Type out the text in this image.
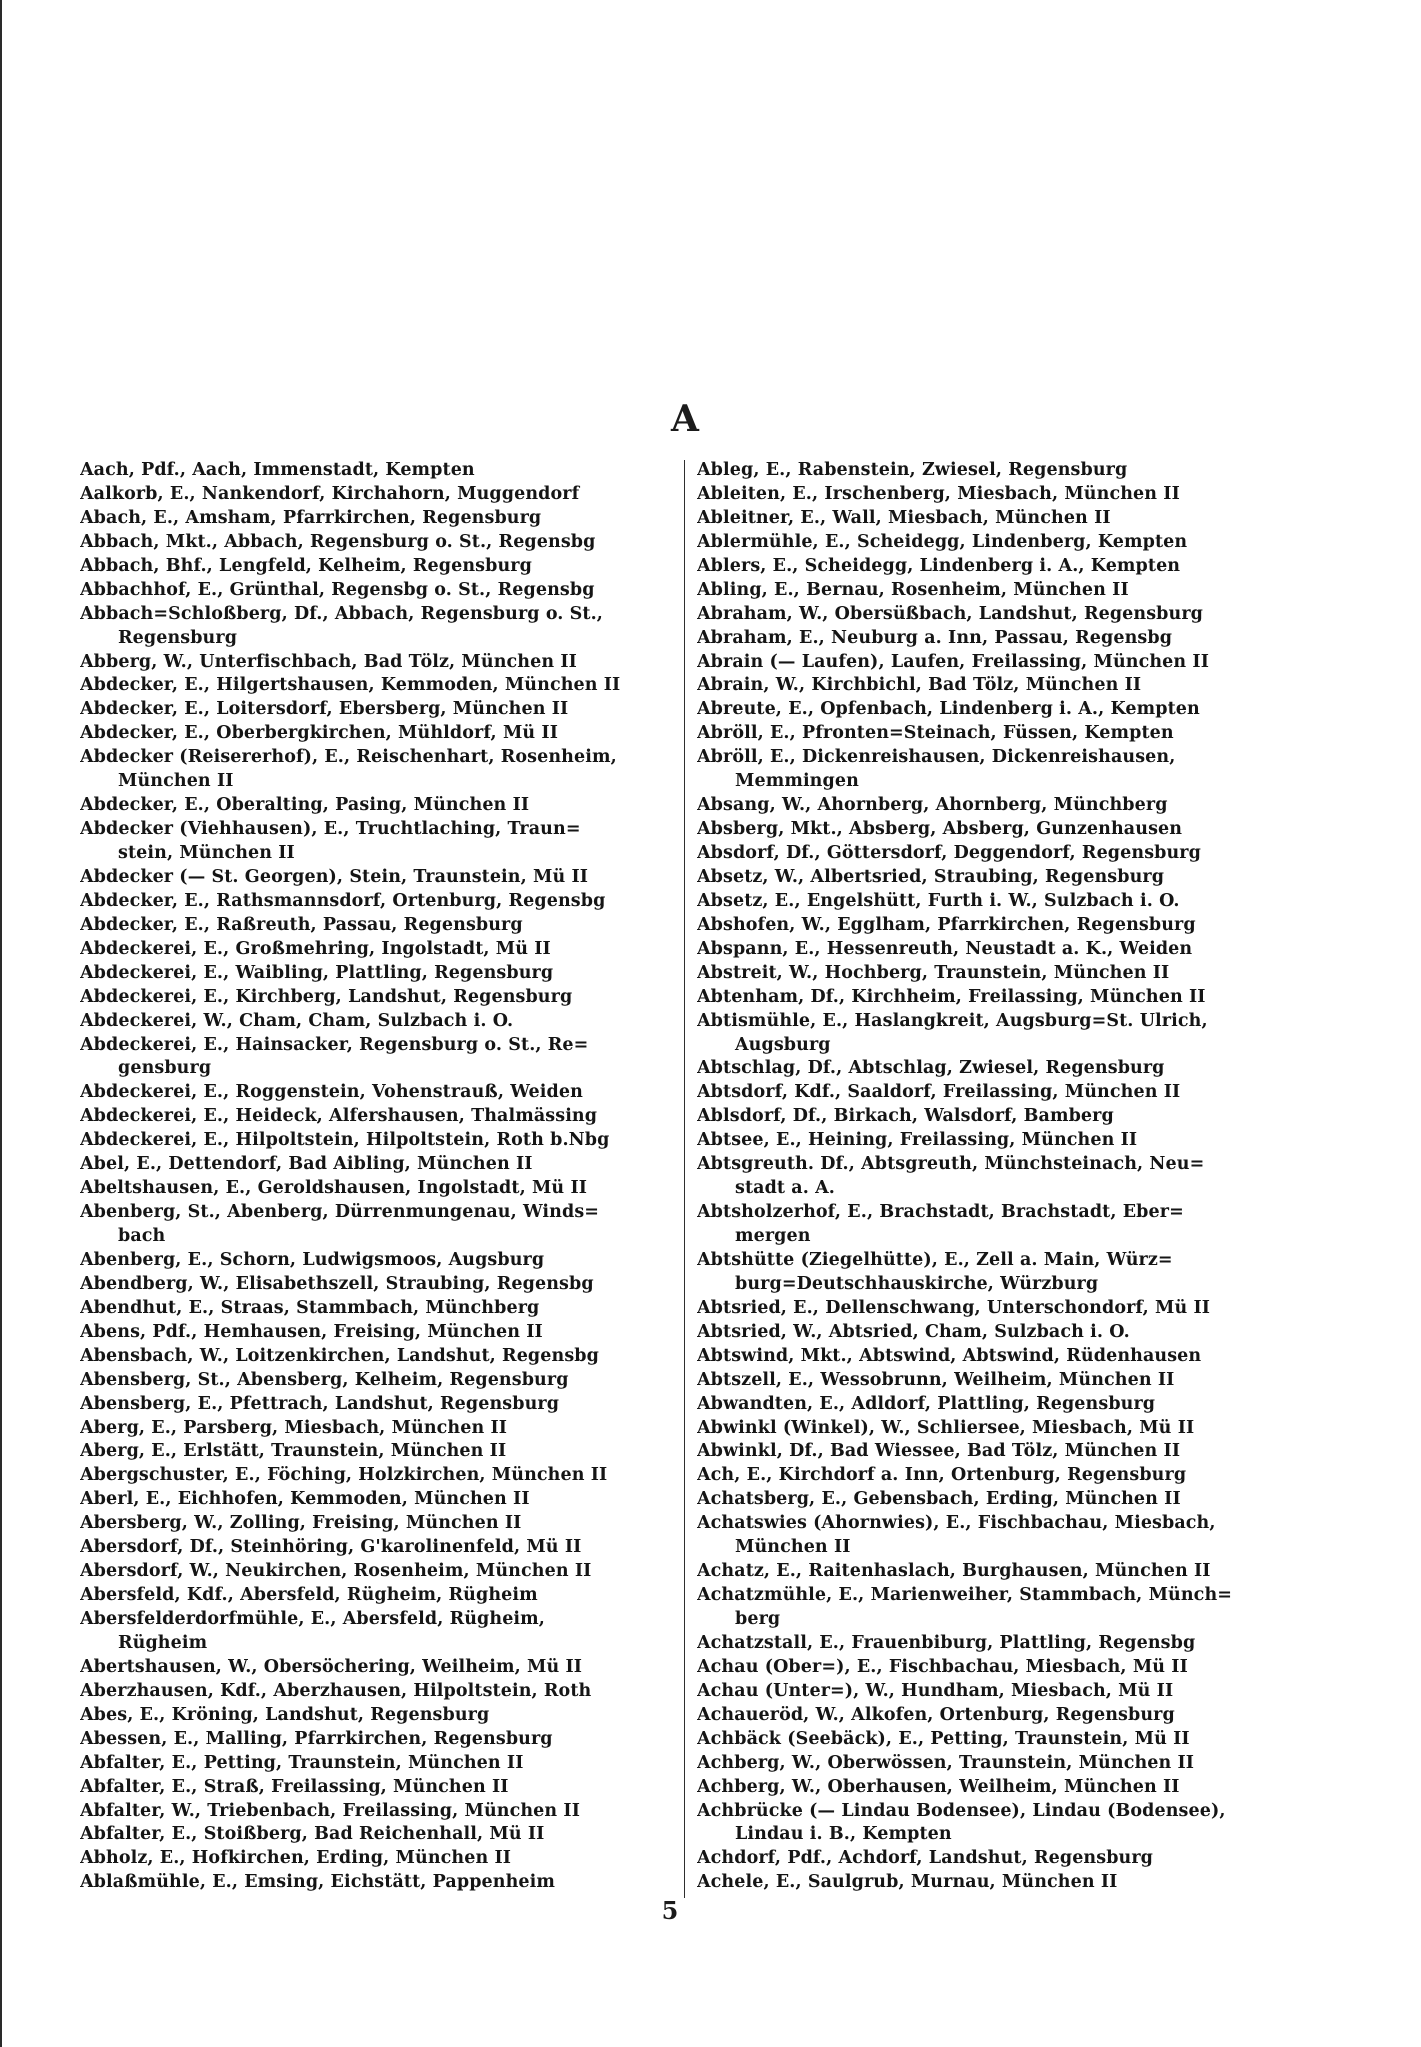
A
Aach, Pdf., Aach, Immenstadt, Kempten
Aalkorb, E., Nankendorf, Kirchahorn, Muggendorf
Abach, E., Amsham, Pfarrkirchen, Regensburg
Abbach, Mkt., Abbach, Regensburg o. St., Regensbg
Abbach, Bhf., Lengfeld, Kelheim, Regensburg
Abbachhof, E., Grünthal, Regensbg o. St., Regensbg
Abbach=Schloßberg, Df., Abbach, Regensburg o. St.,
Regensburg
Abberg, W., Unterfischbach, Bad Tölz, München II
Abdecker, E., Hilgertshausen, Kemmoden, München II
Abdecker, E., Loitersdorf, Ebersberg, München II
Abdecker, E., Oberbergkirchen, Mühldorf, Mü II
Abdecker (Reisererhof), E., Reischenhart, Rosenheim,
München II
Abdecker, E., Oberalting, Pasing, München II
Abdecker (Viehhausen), E., Truchtlaching, Traun=
stein, München II
Abdecker (— St. Georgen), Stein, Traunstein, Mü II
Abdecker, E., Rathsmannsdorf, Ortenburg, Regensbg
Abdecker, E., Raßreuth, Passau, Regensburg
Abdeckerei, E., Großmehring, Ingolstadt, Mü II
Abdeckerei, E., Waibling, Plattling, Regensburg
Abdeckerei, E., Kirchberg, Landshut, Regensburg
Abdeckerei, W., Cham, Cham, Sulzbach i. O.
Abdeckerei, E., Hainsacker, Regensburg o. St., Re=
gensburg
Abdeckerei, E., Roggenstein, Vohenstrauß, Weiden
Abdeckerei, E., Heideck, Alfershausen, Thalmässing
Abdeckerei, E., Hilpoltstein, Hilpoltstein, Roth b.Nbg
Abel, E., Dettendorf, Bad Aibling, München II
Abeltshausen, E., Geroldshausen, Ingolstadt, Mü II
Abenberg, St., Abenberg, Dürrenmungenau, Winds=
bach
Abenberg, E., Schorn, Ludwigsmoos, Augsburg
Abendberg, W., Elisabethszell, Straubing, Regensbg
Abendhut, E., Straas, Stammbach, Münchberg
Abens, Pdf., Hemhausen, Freising, München II
Abensbach, W., Loitzenkirchen, Landshut, Regensbg
Abensberg, St., Abensberg, Kelheim, Regensburg
Abensberg, E., Pfettrach, Landshut, Regensburg
Aberg, E., Parsberg, Miesbach, München II
Aberg, E., Erlstätt, Traunstein, München II
Abergschuster, E., Föching, Holzkirchen, München II
Aberl, E., Eichhofen, Kemmoden, München II
Abersberg, W., Zolling, Freising, München II
Abersdorf, Df., Steinhöring, G'karolinenfeld, Mü II
Abersdorf, W., Neukirchen, Rosenheim, München II
Abersfeld, Kdf., Abersfeld, Rügheim, Rügheim
Abersfelderdorfmühle, E., Abersfeld, Rügheim,
Rügheim
Abertshausen, W., Obersöchering, Weilheim, Mü II
Aberzhausen, Kdf., Aberzhausen, Hilpoltstein, Roth
Abes, E., Kröning, Landshut, Regensburg
Abessen, E., Malling, Pfarrkirchen, Regensburg
Abfalter, E., Petting, Traunstein, München II
Abfalter, E., Straß, Freilassing, München II
Abfalter, W., Triebenbach, Freilassing, München II
Abfalter, E., Stoißberg, Bad Reichenhall, Mü II
Abholz, E., Hofkirchen, Erding, München II
Ablaßmühle, E., Emsing, Eichstätt, Pappenheim
Ableg, E., Rabenstein, Zwiesel, Regensburg
Ableiten, E., Irschenberg, Miesbach, München II
Ableitner, E., Wall, Miesbach, München II
Ablermühle, E., Scheidegg, Lindenberg, Kempten
Ablers, E., Scheidegg, Lindenberg i. A., Kempten
Abling, E., Bernau, Rosenheim, München II
Abraham, W., Obersüßbach, Landshut, Regensburg
Abraham, E., Neuburg a. Inn, Passau, Regensbg
Abrain (— Laufen), Laufen, Freilassing, München II
Abrain, W., Kirchbichl, Bad Tölz, München II
Abreute, E., Opfenbach, Lindenberg i. A., Kempten
Abröll, E., Pfronten=Steinach, Füssen, Kempten
Abröll, E., Dickenreishausen, Dickenreishausen,
Memmingen
Absang, W., Ahornberg, Ahornberg, Münchberg
Absberg, Mkt., Absberg, Absberg, Gunzenhausen
Absdorf, Df., Göttersdorf, Deggendorf, Regensburg
Absetz, W., Albertsried, Straubing, Regensburg
Absetz, E., Engelshütt, Furth i. W., Sulzbach i. O.
Abshofen, W., Egglham, Pfarrkirchen, Regensburg
Abspann, E., Hessenreuth, Neustadt a. K., Weiden
Abstreit, W., Hochberg, Traunstein, München II
Abtenham, Df., Kirchheim, Freilassing, München II
Abtismühle, E., Haslangkreit, Augsburg=St. Ulrich,
Augsburg
Abtschlag, Df., Abtschlag, Zwiesel, Regensburg
Abtsdorf, Kdf., Saaldorf, Freilassing, München II
Ablsdorf, Df., Birkach, Walsdorf, Bamberg
Abtsee, E., Heining, Freilassing, München II
Abtsgreuth. Df., Abtsgreuth, Münchsteinach, Neu=
stadt a. A.
Abtsholzerhof, E., Brachstadt, Brachstadt, Eber=
mergen
Abtshütte (Ziegelhütte), E., Zell a. Main, Würz=
burg=Deutschhauskirche, Würzburg
Abtsried, E., Dellenschwang, Unterschondorf, Mü II
Abtsried, W., Abtsried, Cham, Sulzbach i. O.
Abtswind, Mkt., Abtswind, Abtswind, Rüdenhausen
Abtszell, E., Wessobrunn, Weilheim, München II
Abwandten, E., Adldorf, Plattling, Regensburg
Abwinkl (Winkel), W., Schliersee, Miesbach, Mü II
Abwinkl, Df., Bad Wiessee, Bad Tölz, München II
Ach, E., Kirchdorf a. Inn, Ortenburg, Regensburg
Achatsberg, E., Gebensbach, Erding, München II
Achatswies (Ahornwies), E., Fischbachau, Miesbach,
München II
Achatz, E., Raitenhaslach, Burghausen, München II
Achatzmühle, E., Marienweiher, Stammbach, Münch=
berg
Achatzstall, E., Frauenbiburg, Plattling, Regensbg
Achau (Ober=), E., Fischbachau, Miesbach, Mü II
Achau (Unter=), W., Hundham, Miesbach, Mü II
Achaueröd, W., Alkofen, Ortenburg, Regensburg
Achbäck (Seebäck), E., Petting, Traunstein, Mü II
Achberg, W., Oberwössen, Traunstein, München II
Achberg, W., Oberhausen, Weilheim, München II
Achbrücke (— Lindau Bodensee), Lindau (Bodensee),
Lindau i. B., Kempten
Achdorf, Pdf., Achdorf, Landshut, Regensburg
Achele, E., Saulgrub, Murnau, München II
5
